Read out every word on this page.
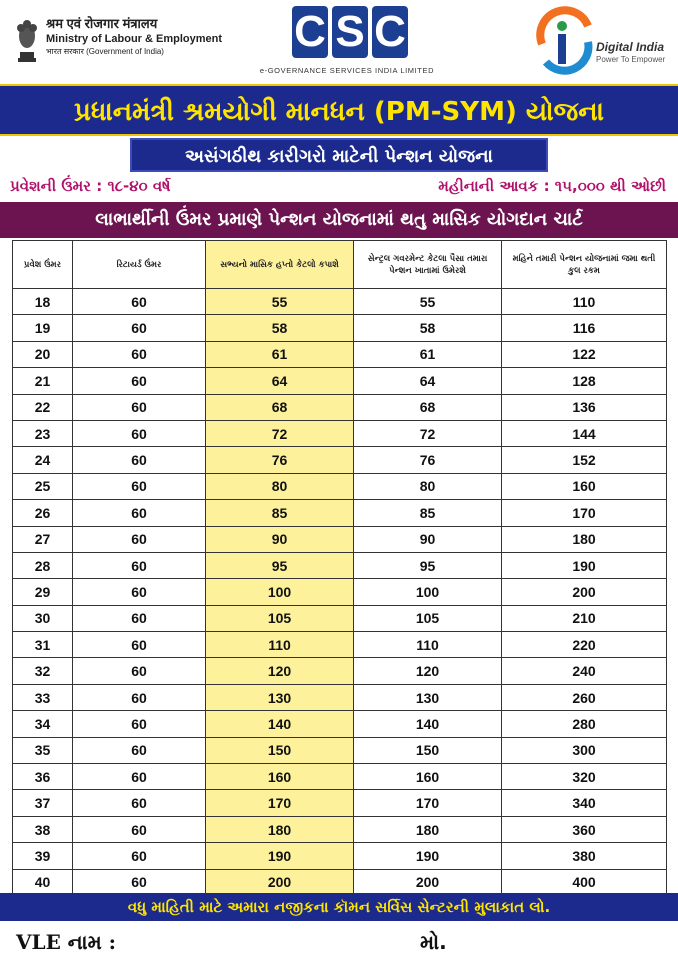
श्रम एवं रोजगार मंत्रालय
Ministry of Labour & Employment
भारत सरकार (Government of India)	C S C
e-GOVERNANCE SERVICES INDIA LIMITED
Digital India
Power To Empower
પ્રધાનમંત્રી શ્રમયોગી માનધન (PM-SYM) યોજના
અસંગઠીથ કારીગરો માટેની પેન્શન યોજના
પ્રવેશની ઉંમર : ૧૮-૪૦ વર્ષ	મહીનાની આવક : ૧૫,૦૦૦ થી ઓછી
લાભાર્થીની ઉંમર પ્રમાણે પેન્શન યોજનામાં થતુ માસિક યોગદાન ચાર્ટ
પ્રવેશ ઉંમર	રિટાયર્ડ ઉંમર	સભ્યનો માસિક હપ્તો કેટલો કપાશે	સેન્ટ્રલ ગવરમેન્ટ કેટલા પૈસા તમારા પેન્શન ખાતામાં ઉમેરશે	મહિને તમારી પેન્શન યોજનામાં જમા થતી કુલ રકમ
18	60	55	55	110
19	60	58	58	116
20	60	61	61	122
21	60	64	64	128
22	60	68	68	136
23	60	72	72	144
24	60	76	76	152
25	60	80	80	160
26	60	85	85	170
27	60	90	90	180
28	60	95	95	190
29	60	100	100	200
30	60	105	105	210
31	60	110	110	220
32	60	120	120	240
33	60	130	130	260
34	60	140	140	280
35	60	150	150	300
36	60	160	160	320
37	60	170	170	340
38	60	180	180	360
39	60	190	190	380
40	60	200	200	400
વધુ માહિતી માટે અમારા નજીકના કૉમન સર્વિસ સેન્ટરની મુલાકાત લો.
VLE નામ :	મો.
